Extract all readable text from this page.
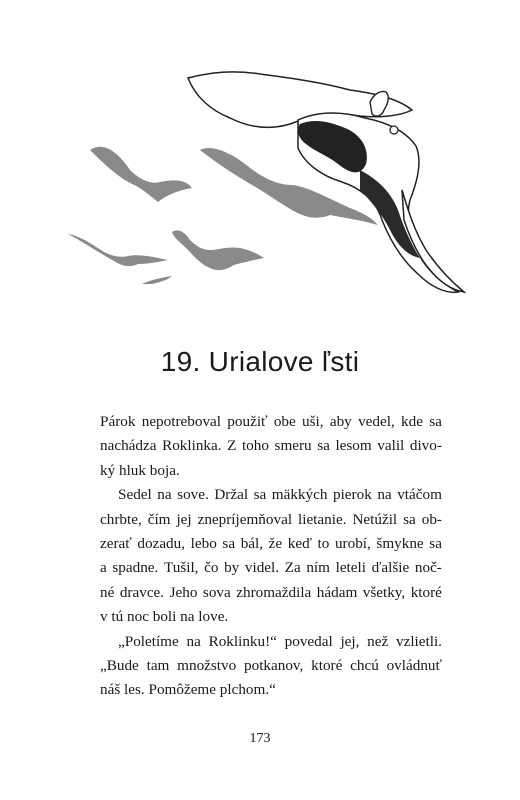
19. Urialove ľsti
Párok nepotreboval použiť obe uši, aby vedel, kde sa
nachádza Roklinka. Z toho smeru sa lesom valil divo-
ký hluk boja.
Sedel na sove. Držal sa mäkkých pierok na vtáčom
chrbte, čím jej znepríjemňoval lietanie. Netúžil sa ob-
zerať dozadu, lebo sa bál, že keď to urobí, šmykne sa
a spadne. Tušil, čo by videl. Za ním leteli ďalšie noč-
né dravce. Jeho sova zhromaždila hádam všetky, ktoré
v tú noc boli na love.
„Poletíme na Roklinku!“ povedal jej, než vzlietli.
„Bude tam množstvo potkanov, ktoré chcú ovládnuť
náš les. Pomôžeme plchom.“
173
